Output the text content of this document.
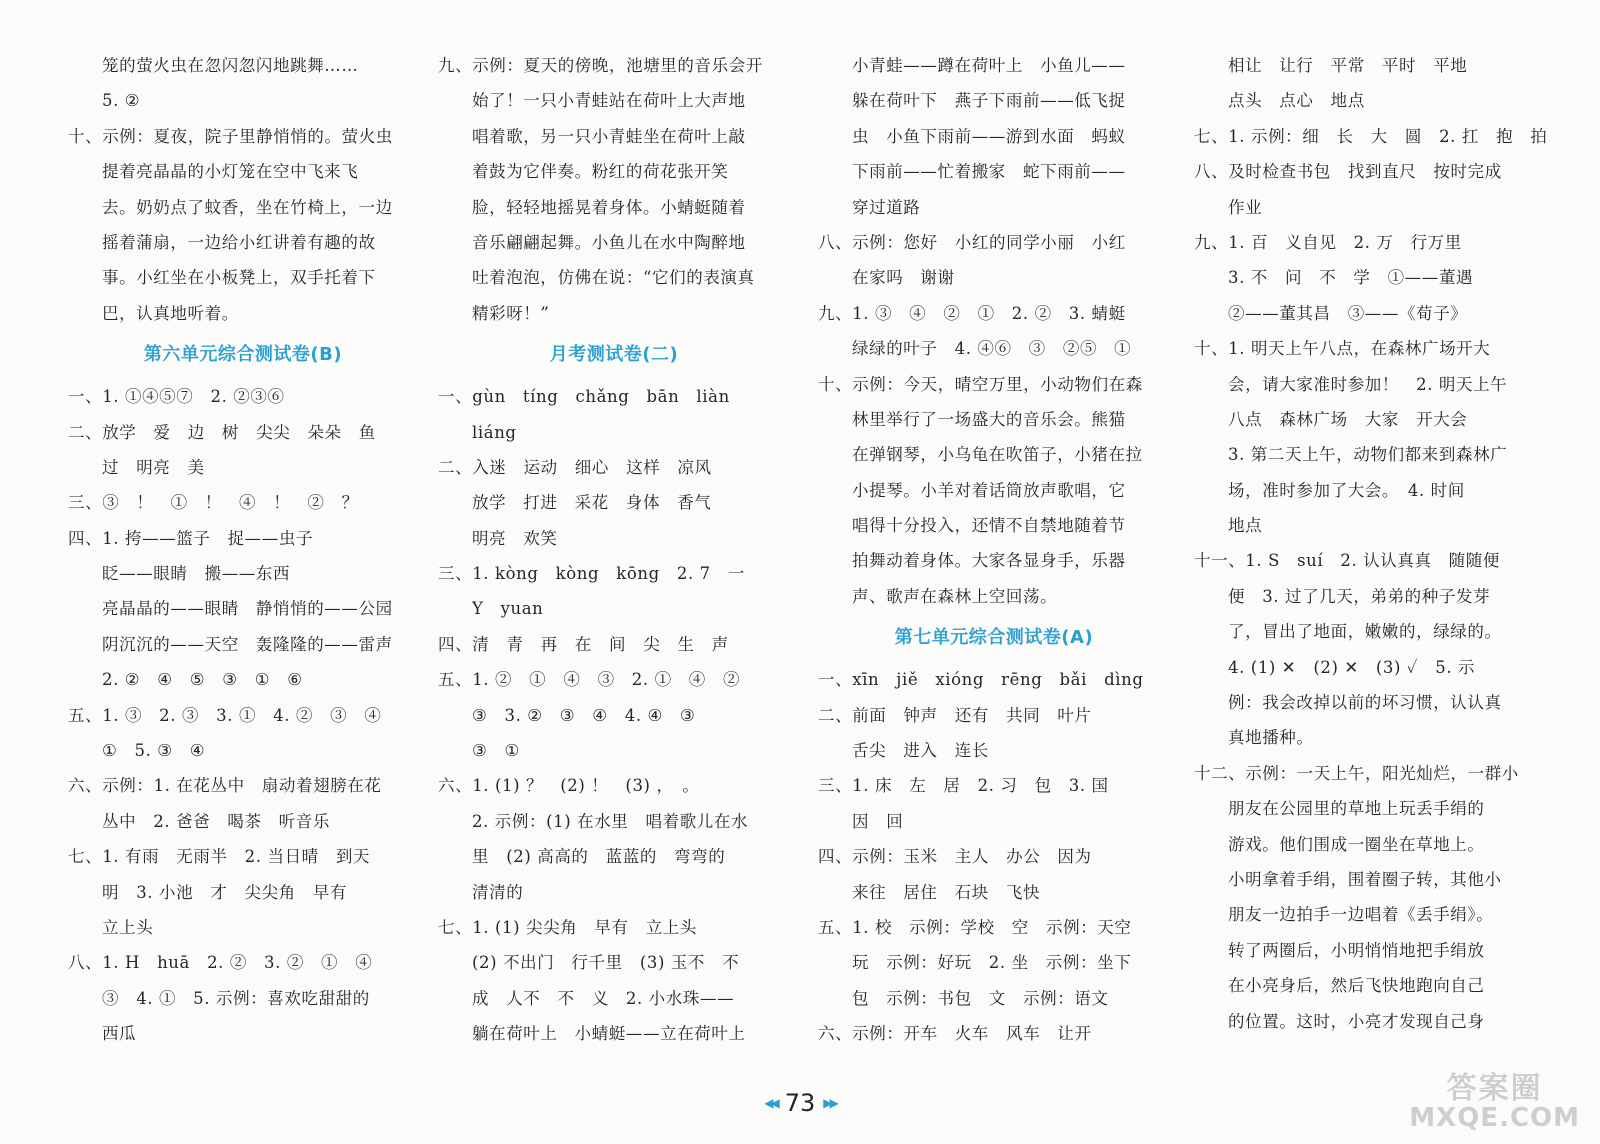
笼的萤火虫在忽闪忽闪地跳舞……
5. ②
十、示例：夏夜，院子里静悄悄的。萤火虫
提着亮晶晶的小灯笼在空中飞来飞
去。奶奶点了蚊香，坐在竹椅上，一边
摇着蒲扇，一边给小红讲着有趣的故
事。小红坐在小板凳上，双手托着下
巴，认真地听着。
第六单元综合测试卷(B)
一、1. ①④⑤⑦　2. ②③⑥
二、放学　爱　边　树　尖尖　朵朵　鱼
过　明亮　美
三、③　！　①　！　④　！　②　？
四、1. 挎——篮子　捉——虫子
眨——眼睛　搬——东西
亮晶晶的——眼睛　静悄悄的——公园
阴沉沉的——天空　轰隆隆的——雷声
2. ②　④　⑤　③　①　⑥
五、1. ③　2. ③　3. ①　4. ②　③　④
①　5. ③　④
六、示例：1. 在花丛中　扇动着翅膀在花
丛中　2. 爸爸　喝茶　听音乐
七、1. 有雨　无雨半　2. 当日晴　到天
明　3. 小池　才　尖尖角　早有
立上头
八、1. H　huā　2. ②　3. ②　①　④
③　4. ①　5. 示例：喜欢吃甜甜的
西瓜
九、示例：夏天的傍晚，池塘里的音乐会开
始了！一只小青蛙站在荷叶上大声地
唱着歌，另一只小青蛙坐在荷叶上敲
着鼓为它伴奏。粉红的荷花张开笑
脸，轻轻地摇晃着身体。小蜻蜓随着
音乐翩翩起舞。小鱼儿在水中陶醉地
吐着泡泡，仿佛在说：“它们的表演真
精彩呀！”
月考测试卷(二)
一、gùn　tíng　chǎng　bān　liàn
liáng
二、入迷　运动　细心　这样　凉风
放学　打进　采花　身体　香气
明亮　欢笑
三、1. kòng　kòng　kōng　2. 7　一
Y　yuan
四、清　青　再　在　间　尖　生　声
五、1. ②　①　④　③　2. ①　④　②
③　3. ②　③　④　4. ④　③
③　①
六、1. (1) ？　(2) ！　(3) ，　。
2. 示例：(1) 在水里　唱着歌儿在水
里　(2) 高高的　蓝蓝的　弯弯的
清清的
七、1. (1) 尖尖角　早有　立上头
(2) 不出门　行千里　(3) 玉不　不
成　人不　不　义　2. 小水珠——
躺在荷叶上　小蜻蜓——立在荷叶上
小青蛙——蹲在荷叶上　小鱼儿——
躲在荷叶下　燕子下雨前——低飞捉
虫　小鱼下雨前——游到水面　蚂蚁
下雨前——忙着搬家　蛇下雨前——
穿过道路
八、示例：您好　小红的同学小丽　小红
在家吗　谢谢
九、1. ③　④　②　①　2. ②　3. 蜻蜓
绿绿的叶子　4. ④⑥　③　②⑤　①
十、示例：今天，晴空万里，小动物们在森
林里举行了一场盛大的音乐会。熊猫
在弹钢琴，小乌龟在吹笛子，小猪在拉
小提琴。小羊对着话筒放声歌唱，它
唱得十分投入，还情不自禁地随着节
拍舞动着身体。大家各显身手，乐器
声、歌声在森林上空回荡。
第七单元综合测试卷(A)
一、xīn　jiě　xióng　rēng　bǎi　dìng
二、前面　钟声　还有　共同　叶片
舌尖　进入　连长
三、1. 床　左　居　2. 习　包　3. 国
因　回
四、示例：玉米　主人　办公　因为
来往　居住　石块　飞快
五、1. 校　示例：学校　空　示例：天空
玩　示例：好玩　2. 坐　示例：坐下
包　示例：书包　文　示例：语文
六、示例：开车　火车　风车　让开
相让　让行　平常　平时　平地
点头　点心　地点
七、1. 示例：细　长　大　圆　2. 扛　抱　拍
八、及时检查书包　找到直尺　按时完成
作业
九、1. 百　义自见　2. 万　行万里
3. 不　问　不　学　①——董遇
②——董其昌　③——《荀子》
十、1. 明天上午八点，在森林广场开大
会，请大家准时参加！　2. 明天上午
八点　森林广场　大家　开大会
3. 第二天上午，动物们都来到森林广
场，准时参加了大会。　4. 时间
地点
十一、1. S　suí　2. 认认真真　随随便
便　3. 过了几天，弟弟的种子发芽
了，冒出了地面，嫩嫩的，绿绿的。
4. (1) ✕　(2) ✕　(3) ✓　5. 示
例：我会改掉以前的坏习惯，认认真
真地播种。
十二、示例：一天上午，阳光灿烂，一群小
朋友在公园里的草地上玩丢手绢的
游戏。他们围成一圈坐在草地上。
小明拿着手绢，围着圈子转，其他小
朋友一边拍手一边唱着《丢手绢》。
转了两圈后，小明悄悄地把手绢放
在小亮身后，然后飞快地跑向自己
的位置。这时，小亮才发现自己身
◀◀ 73 ▶▶	答案圈
MXQE.COM
